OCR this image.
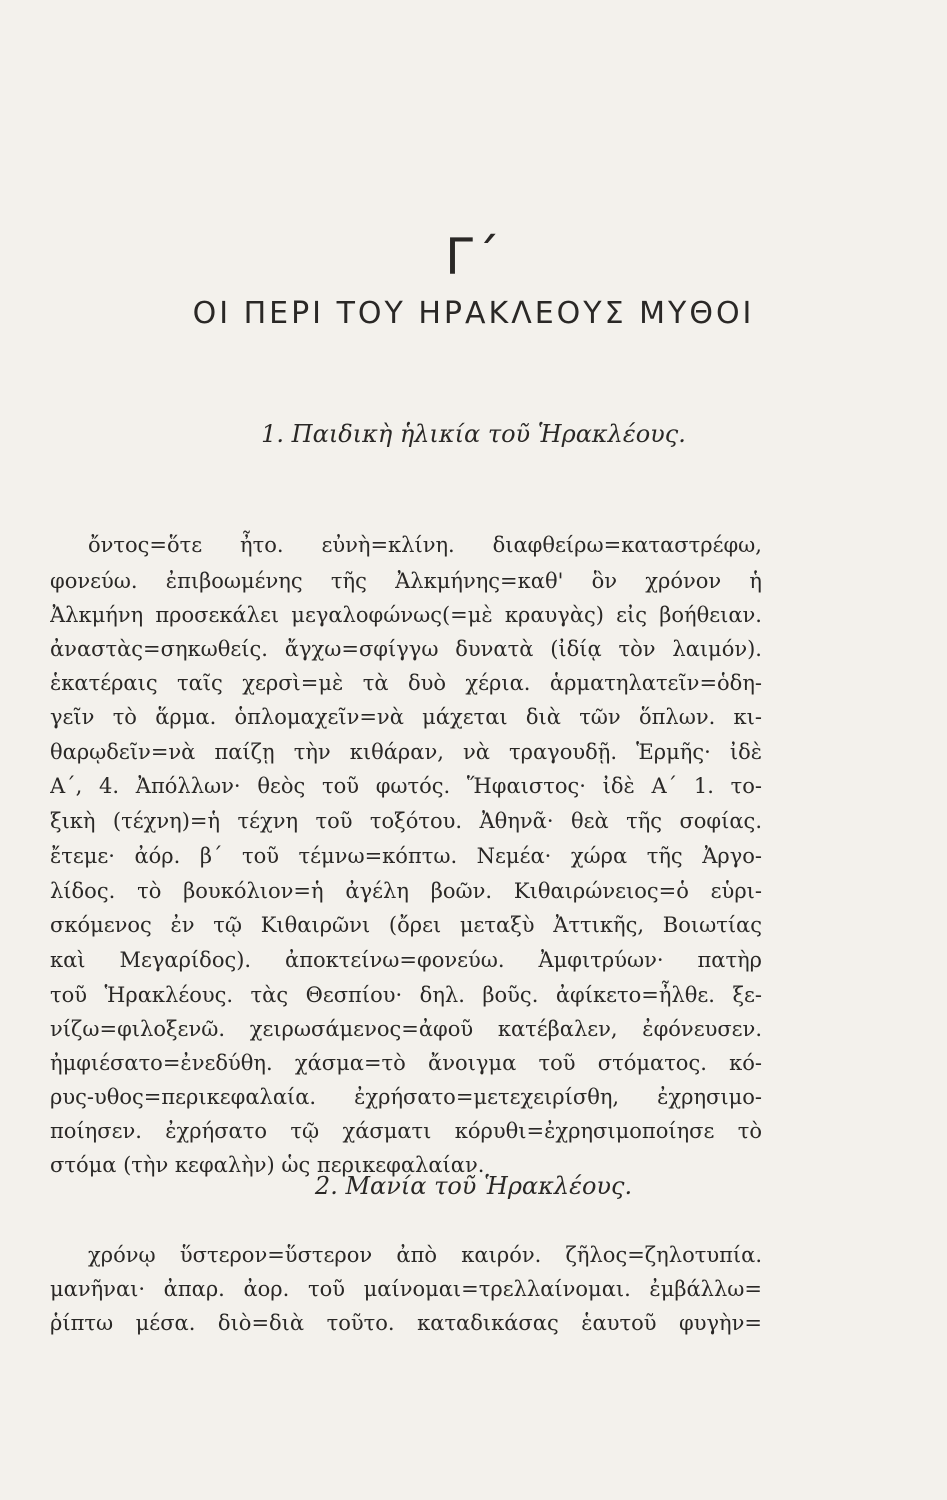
Γ΄
ΟΙ ΠΕΡΙ ΤΟΥ ΗΡΑΚΛΕΟΥΣ ΜΥΘΟΙ
1. Παιδικὴ ἡλικία τοῦ Ἡρακλέους.
ὄντος=ὅτε ἦτο. εὐνὴ=κλίνη. διαφθείρω=καταστρέφω,
φονεύω. ἐπιβοωμένης τῆς Ἀλκμήνης=καθ' ὃν χρόνον ἡ
Ἀλκμήνη προσεκάλει μεγαλοφώνως(=μὲ κραυγὰς) εἰς βοήθειαν.
ἀναστὰς=σηκωθείς. ἄγχω=σφίγγω δυνατὰ (ἰδίᾳ τὸν λαιμόν).
ἑκατέραις ταῖς χερσὶ=μὲ τὰ δυὸ χέρια. ἁρματηλατεῖν=ὁδη-
γεῖν τὸ ἅρμα. ὁπλομαχεῖν=νὰ μάχεται διὰ τῶν ὅπλων. κι-
θαρῳδεῖν=νὰ παίζῃ τὴν κιθάραν, νὰ τραγουδῇ. Ἑρμῆς· ἰδὲ
Α΄, 4. Ἀπόλλων· θεὸς τοῦ φωτός. Ἥφαιστος· ἰδὲ Α΄ 1. το-
ξικὴ (τέχνη)=ἡ τέχνη τοῦ τοξότου. Ἀθηνᾶ· θεὰ τῆς σοφίας.
ἔτεμε· ἀόρ. β΄ τοῦ τέμνω=κόπτω. Νεμέα· χώρα τῆς Ἀργο-
λίδος. τὸ βουκόλιον=ἡ ἀγέλη βοῶν. Κιθαιρώνειος=ὁ εὑρι-
σκόμενος ἐν τῷ Κιθαιρῶνι (ὄρει μεταξὺ Ἀττικῆς, Βοιωτίας
καὶ Μεγαρίδος). ἀποκτείνω=φονεύω. Ἀμφιτρύων· πατὴρ
τοῦ Ἡρακλέους. τὰς Θεσπίου· δηλ. βοῦς. ἀφίκετο=ἦλθε. ξε-
νίζω=φιλοξενῶ. χειρωσάμενος=ἀφοῦ κατέβαλεν, ἐφόνευσεν.
ἠμφιέσατο=ἐνεδύθη. χάσμα=τὸ ἄνοιγμα τοῦ στόματος. κό-
ρυς-υθος=περικεφαλαία. ἐχρήσατο=μετεχειρίσθη, ἐχρησιμο-
ποίησεν. ἐχρήσατο τῷ χάσματι κόρυθι=ἐχρησιμοποίησε τὸ
στόμα (τὴν κεφαλὴν) ὡς περικεφαλαίαν.
2. Μανία τοῦ Ἡρακλέους.
χρόνῳ ὕστερον=ὕστερον ἀπὸ καιρόν. ζῆλος=ζηλοτυπία.
μανῆναι· ἀπαρ. ἀορ. τοῦ μαίνομαι=τρελλαίνομαι. ἐμβάλλω=
ῥίπτω μέσα. διὸ=διὰ τοῦτο. καταδικάσας ἑαυτοῦ φυγὴν=
